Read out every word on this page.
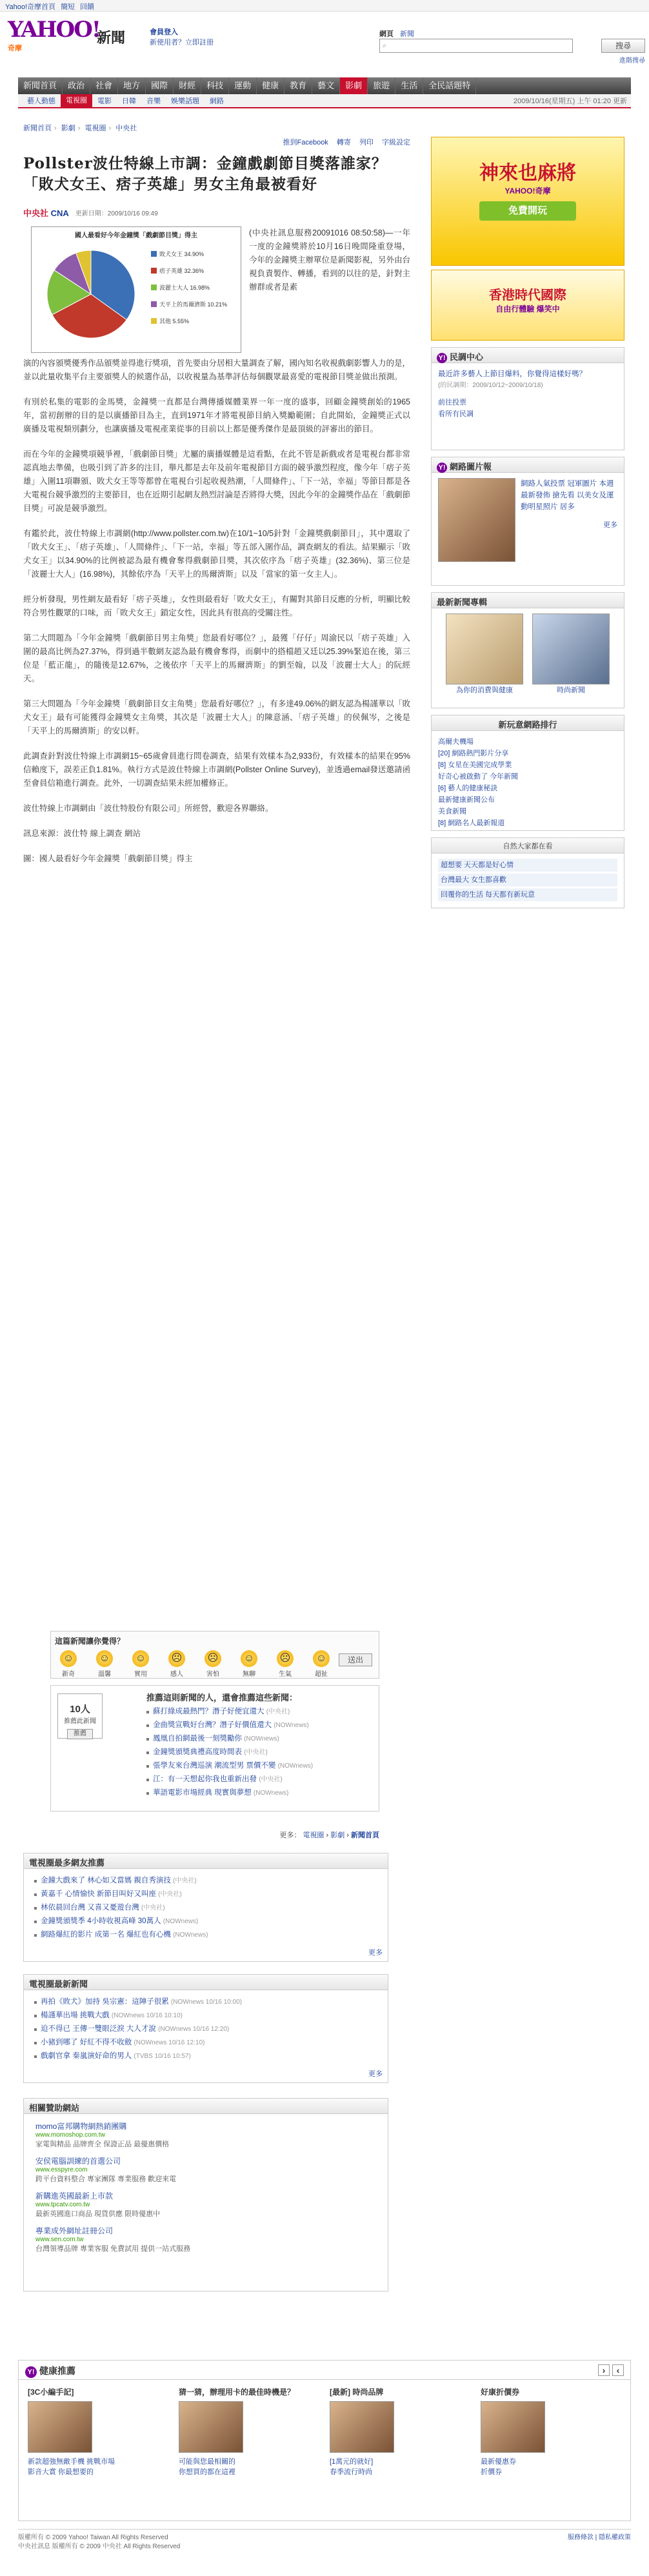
Yahoo!奇摩首頁 簡短 回饋
YAHOO!
奇摩
新聞	會員登入
新使用者？立即註冊
網頁 新聞
⌕	搜尋
進階搜尋
新聞首頁	政治	社會	地方	國際	財經	科技	運動	健康	教育	藝文	影劇	旅遊	生活	全民話題特
藝人動態	電視圈	電影	日韓	音樂	娛樂話題	網路	2009/10/16(星期五) 上午 01:20 更新
新聞首頁 › 影劇 › 電視圈 › 中央社
推到Facebook 轉寄 列印 字級設定
Pollster波仕特線上市調：金鐘戲劇節目獎落誰家？「敗犬女王、痞子英雄」男女主角最被看好
中央社 CNA 更新日期：2009/10/16 09:49
國人最看好今年金鐘獎「戲劇節目獎」得主
敗犬女王 34.90%
痞子英雄 32.36%
波麗士大人 16.98%
天平上的馬爾濟斯 10.21%
其他 5.55%

(中央社訊息服務20091016 08:50:58)—一年一度的金鐘獎將於10月16日晚間隆重登場，今年的金鐘獎主辦單位是新聞影視，另外由台視負責製作、轉播，看到的以往的是，針對主辦群或者是素

演的內容頒獎優秀作品頒獎並得進行獎項，首先要由分居相大量調查了解，國內知名收視戲劇影響人力的是，並以此量收集平台主要頒獎人的候選作品，以收視量為基準評估每個觀眾最喜愛的電視節目獎並做出預測。

有別於私集的電影的金馬獎，金鐘獎一直都是台灣傳播媒體業界一年一度的盛事，回顧金鐘獎創始的1965年，當初創辦的目的是以廣播節目為主，直到1971年才將電視節目納入獎勵範圍；自此開始，金鐘獎正式以廣播及電視類別劃分，也讓廣播及電視產業從事的目前以上都是優秀傑作是最頂級的評審出的節目。

而在今年的金鐘獎項競爭裡，「戲劇節目獎」尤屬的廣播媒體是這看點，在此不管是新戲或者是電視台都非常認真地去準備，也吸引到了許多的注目，舉凡都是去年及前年電視節目方面的競爭激烈程度，像今年「痞子英雄」入圍11項聯頒、敗犬女王等等都曾在電視台引起收視熱潮，「人間條件」、「下一站，幸福」等節目都是各大電視台競爭激烈的主要節目，也在近期引起網友熱烈討論是否將得大獎，因此今年的金鐘獎作品在「戲劇節目獎」可說是競爭激烈。

有鑑於此，波仕特線上市調網(http://www.pollster.com.tw)在10/1~10/5針對「金鐘獎戲劇節目」，其中選取了「敗犬女王」、「痞子英雄」、「人間條件」、「下一站，幸福」等五部入圍作品，調查網友的看法。結果顯示「敗犬女王」以34.90%的比例被認為最有機會奪得戲劇節目獎，其次依序為「痞子英雄」(32.36%)、第三位是「波麗士大人」(16.98%)，其餘依序為「天平上的馬爾濟斯」以及「當家的第一女主人」。

經分析發現，男性網友最看好「痞子英雄」，女性則最看好「敗犬女王」，有關對其節目反應的分析，明顯比較符合男性觀眾的口味，而「敗犬女王」鎖定女性，因此具有很高的受關注性。

第二大問題為「今年金鐘獎「戲劇節目男主角獎」您最看好哪位？」，最獲「仔仔」周渝民以「痞子英雄」入圍的最高比例為27.37%，得到過半數網友認為最有機會奪得，而劇中的搭檔趙又廷以25.39%緊追在後，第三位是「藍正龍」，的隨後是12.67%，之後依序「天平上的馬爾濟斯」的劉至翰，以及「波麗士大人」的阮經天。

第三大問題為「今年金鐘獎「戲劇節目女主角獎」您最看好哪位？」，有多達49.06%的網友認為楊謹華以「敗犬女王」最有可能獲得金鐘獎女主角獎，其次是「波麗士大人」的陳意涵、「痞子英雄」的侯佩岑，之後是「天平上的馬爾濟斯」的安以軒。

此調查針對波仕特線上市調網15~65歲會員進行問卷調查，結果有效樣本為2,933份，有效樣本的結果在95%信賴度下，誤差正負1.81%。執行方式是波仕特線上市調網(Pollster Online Survey)，並透過email發送邀請函至會員信箱進行調查。此外，一切調查結果未經加權修正。

波仕特線上市調網由「波仕特股份有限公司」所經營，歡迎各界聯絡。

訊息來源：波仕特 線上調查 網站

圖：國人最看好今年金鐘獎「戲劇節目獎」得主

這篇新聞讓你覺得？
☺
新奇
☺
溫馨
☺
實用
☹
感人
☹
害怕
☺
無聊
☹
生氣
☺
超扯
送出
10人
推薦此新聞
推薦
推薦這則新聞的人，還會推薦這些新聞：
蘇打綠成最熱門？潛子好便宜還大 (中央社)
金曲獎宣戰好台灣？潛子好價值還大 (NOWnews)
鳳凰自拍網最後一刻獎勵你 (NOWnews)
金鐘獎頒獎典禮高度時間表 (中央社)
張學友來台灣巡演 潮流型男 票價不變 (NOWnews)
江：有一天想起你我也重新出發 (中央社)
華語電影市場經典 現實與夢想 (NOWnews)
更多： 電視圈 › 影劇 › 新聞首頁
電視圈最多網友推薦
金鐘大戲來了 林心如又當媽 親自秀演技 (中央社)
黃嘉千 心情愉快 新節目叫好又叫座 (中央社)
林依晨回台灣 又喜又憂遊台灣 (中央社)
金鐘獎頒獎季 4小時收視高峰 30萬人 (NOWnews)
網路爆紅的影片 成第一名 爆紅也有心機 (NOWnews)
更多
電視圈最新新聞
再拍《敗犬》加持 吳宗憲：這陣子很累 (NOWnews 10/16 10:00)
楊謹華出場 挑戰大戲 (NOWnews 10/16 10:10)
迫不得已 王傳一雙眼泛淚 大人才說 (NOWnews 10/16 12:20)
小豬到哪了 好紅不得不收斂 (NOWnews 10/16 12:10)
戲劇官拿 秦嵐演好命的男人 (TVBS 10/16 10:57)
更多
相關贊助網站
momo富邦購物網熱銷團購
www.momoshop.com.tw
家電與精品 品牌齊全 保證正品 最優惠價格
安侯電腦訓練的首選公司
www.esspyre.com
跨平台資料整合 專家團隊 專業服務 歡迎來電
新購進英國最新上市款
www.tpcatv.com.tw
最新英國進口商品 現貨供應 限時優惠中
專業成外網址註冊公司
www.sen.com.tw
台灣領導品牌 專業客服 免費試用 提供一站式服務
神來也麻將
YAHOO!奇摩
免費開玩
香港時代國際
自由行體驗 爆笑中
Y! 民調中心
最近許多藝人上節目爆料，你覺得這樣好嗎？
(的民調期：2009/10/12~2009/10/18)
前往投票
看所有民調
Y! 網路圖片報
網路人氣投票 冠軍圖片 本週最新發佈 搶先看 以美女及運動明星照片 居多
更多
最新新聞專輯
為你的消費與健康	時尚新聞
新玩意網路排行
高爾夫機場
[20] 網路熱門影片分享
[8] 女星在美國完成學業
好奇心被啟動了 今年新聞
[6] 藝人的健康秘訣
最新健康新聞公布
美食新聞
[8] 網路名人最新報道
自然大家都在看
超想要 天天都是好心情
台灣最大 女生都喜歡
回覆你的生活 每天都有新玩意
Y! 健康推薦	‹
›
[3C小編手記]
新款超強無敵手機 挑戰市場
影音大賞 你最想要的
猜一猜，辦理用卡的最佳時機是？
可能與您最相關的
你想買的都在這裡
[最新] 時尚品牌
[1萬元的就好]
春季流行時尚
好康折價券
最新優惠券
折價券
版權所有 © 2009 Yahoo! Taiwan All Rights Reserved
中央社訊息 版權所有 © 2009 中央社 All Rights Reserved
服務條款 | 隱私權政策
